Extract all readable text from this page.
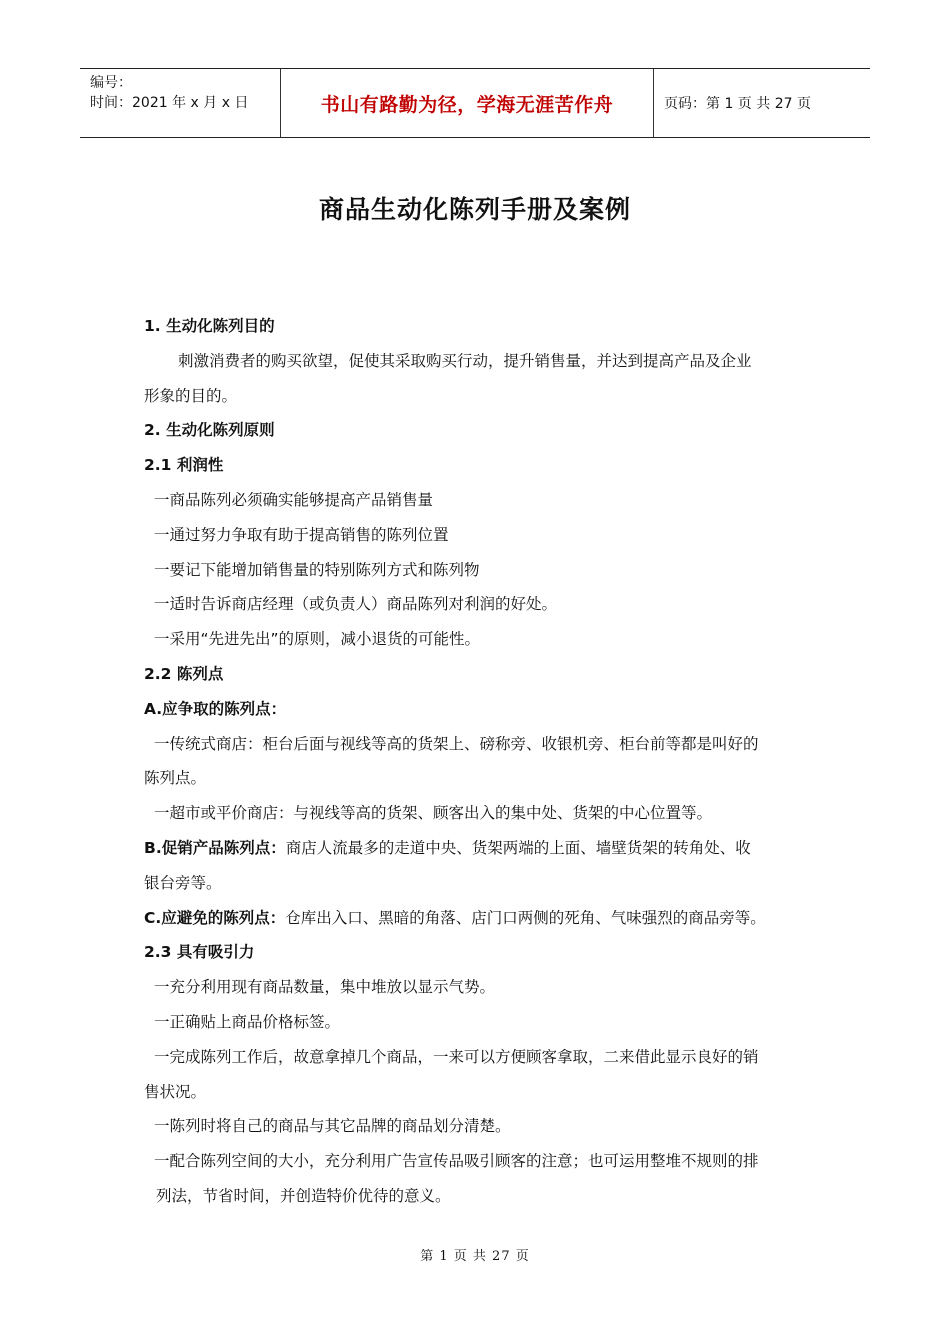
编号：
时间：2021 年 x 月 x 日	书山有路勤为径，学海无涯苦作舟	页码：第 1 页 共 27 页
商品生动化陈列手册及案例
1. 生动化陈列目的
刺激消费者的购买欲望，促使其采取购买行动，提升销售量，并达到提高产品及企业
形象的目的。
2. 生动化陈列原则
2.1 利润性
一商品陈列必须确实能够提高产品销售量
一通过努力争取有助于提高销售的陈列位置
一要记下能增加销售量的特别陈列方式和陈列物
一适时告诉商店经理（或负责人）商品陈列对利润的好处。
一采用“先进先出”的原则，减小退货的可能性。
2.2 陈列点
A.应争取的陈列点：
一传统式商店：柜台后面与视线等高的货架上、磅称旁、收银机旁、柜台前等都是叫好的
陈列点。
一超市或平价商店：与视线等高的货架、顾客出入的集中处、货架的中心位置等。
B.促销产品陈列点：商店人流最多的走道中央、货架两端的上面、墙壁货架的转角处、收
银台旁等。
C.应避免的陈列点：仓库出入口、黑暗的角落、店门口两侧的死角、气味强烈的商品旁等。
2.3 具有吸引力
一充分利用现有商品数量，集中堆放以显示气势。
一正确贴上商品价格标签。
一完成陈列工作后，故意拿掉几个商品，一来可以方便顾客拿取，二来借此显示良好的销
售状况。
一陈列时将自己的商品与其它品牌的商品划分清楚。
一配合陈列空间的大小，充分利用广告宣传品吸引顾客的注意；也可运用整堆不规则的排
列法，节省时间，并创造特价优待的意义。
第 1 页 共 27 页
